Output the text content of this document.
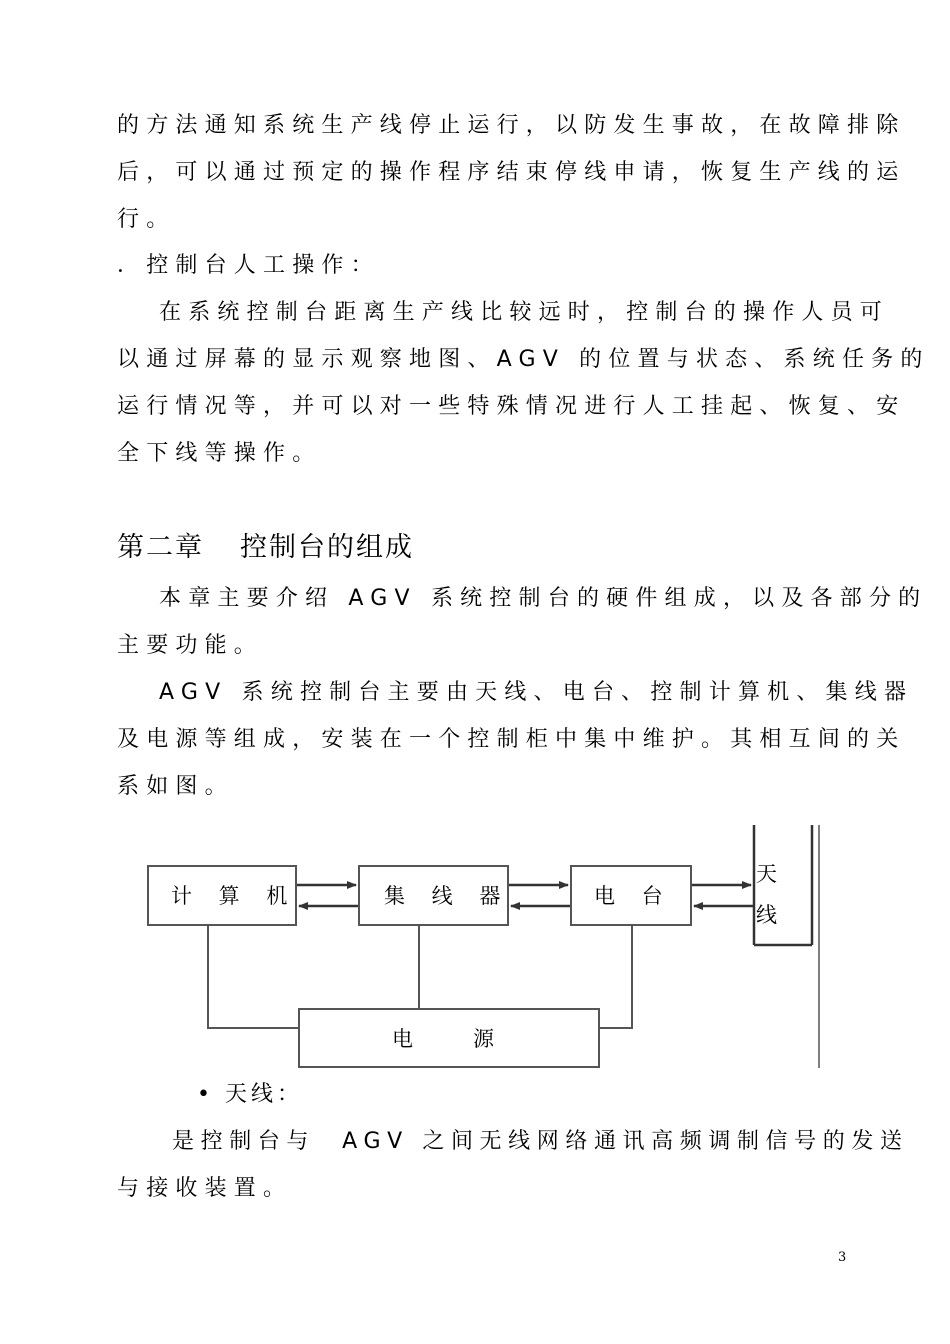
的方法通知系统生产线停止运行，以防发生事故，在故障排除
后，可以通过预定的操作程序结束停线申请，恢复生产线的运
行。
．控制台人工操作：
在系统控制台距离生产线比较远时，控制台的操作人员可
以通过屏幕的显示观察地图、AGV 的位置与状态、系统任务的
运行情况等，并可以对一些特殊情况进行人工挂起、恢复、安
全下线等操作。
第二章 控制台的组成
本章主要介绍 AGV 系统控制台的硬件组成，以及各部分的
主要功能。
AGV 系统控制台主要由天线、电台、控制计算机、集线器
及电源等组成，安装在一个控制柜中集中维护。其相互间的关
系如图。
计 算 机	集 线 器	电 台
天
线
电   源
• 天线：
是控制台与  AGV 之间无线网络通讯高频调制信号的发送
与接收装置。
3
